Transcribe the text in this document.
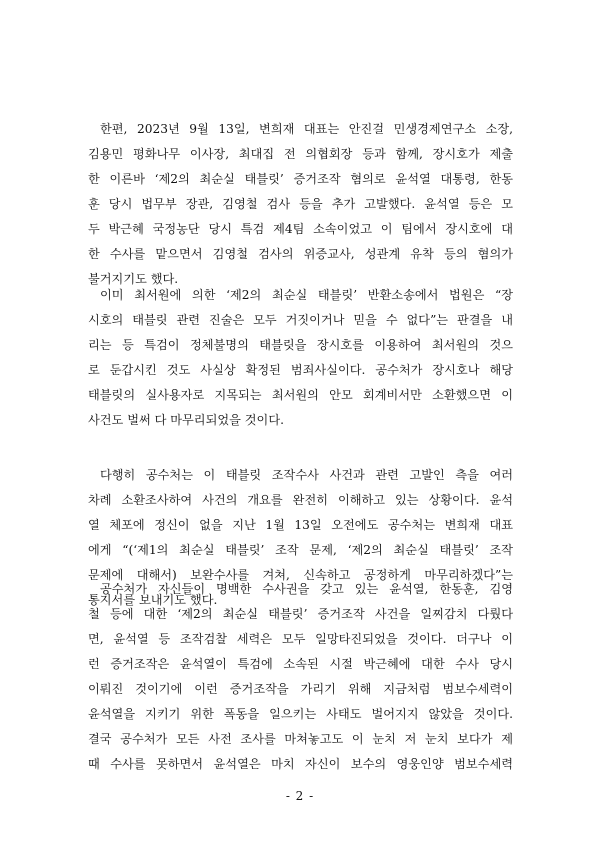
한편, 2023년 9월 13일, 변희재 대표는 안진걸 민생경제연구소 소장,
김용민 평화나무 이사장, 최대집 전 의협회장 등과 함께, 장시호가 제출
한 이른바 ‘제2의 최순실 태블릿’ 증거조작 혐의로 윤석열 대통령, 한동
훈 당시 법무부 장관, 김영철 검사 등을 추가 고발했다. 윤석열 등은 모
두 박근혜 국정농단 당시 특검 제4팀 소속이었고 이 팀에서 장시호에 대
한 수사를 맡으면서 김영철 검사의 위증교사, 성관계 유착 등의 혐의가
불거지기도 했다.
이미 최서원에 의한 ‘제2의 최순실 태블릿’ 반환소송에서 법원은 “장
시호의 태블릿 관련 진술은 모두 거짓이거나 믿을 수 없다”는 판결을 내
리는 등 특검이 정체불명의 태블릿을 장시호를 이용하여 최서원의 것으
로 둔갑시킨 것도 사실상 확정된 범죄사실이다. 공수처가 장시호나 해당
태블릿의 실사용자로 지목되는 최서원의 안모 회계비서만 소환했으면 이
사건도 벌써 다 마무리되었을 것이다.
다행히 공수처는 이 태블릿 조작수사 사건과 관련 고발인 측을 여러
차례 소환조사하여 사건의 개요를 완전히 이해하고 있는 상황이다. 윤석
열 체포에 정신이 없을 지난 1월 13일 오전에도 공수처는 변희재 대표
에게 “(‘제1의 최순실 태블릿’ 조작 문제, ‘제2의 최순실 태블릿’ 조작
문제에 대해서) 보완수사를 겨쳐, 신속하고 공정하게 마무리하겠다”는
통지서를 보내기도 했다.
공수처가 자신들이 명백한 수사권을 갖고 있는 윤석열, 한동훈, 김영
철 등에 대한 ‘제2의 최순실 태블릿’ 증거조작 사건을 일찌감치 다뤘다
면, 윤석열 등 조작검찰 세력은 모두 일망타진되었을 것이다. 더구나 이
런 증거조작은 윤석열이 특검에 소속된 시절 박근혜에 대한 수사 당시
이뤄진 것이기에 이런 증거조작을 가리기 위해 지금처럼 범보수세력이
윤석열을 지키기 위한 폭동을 일으키는 사태도 벌어지지 않았을 것이다.
결국 공수처가 모든 사전 조사를 마쳐놓고도 이 눈치 저 눈치 보다가 제
때 수사를 못하면서 윤석열은 마치 자신이 보수의 영웅인양 범보수세력
- 2 -
